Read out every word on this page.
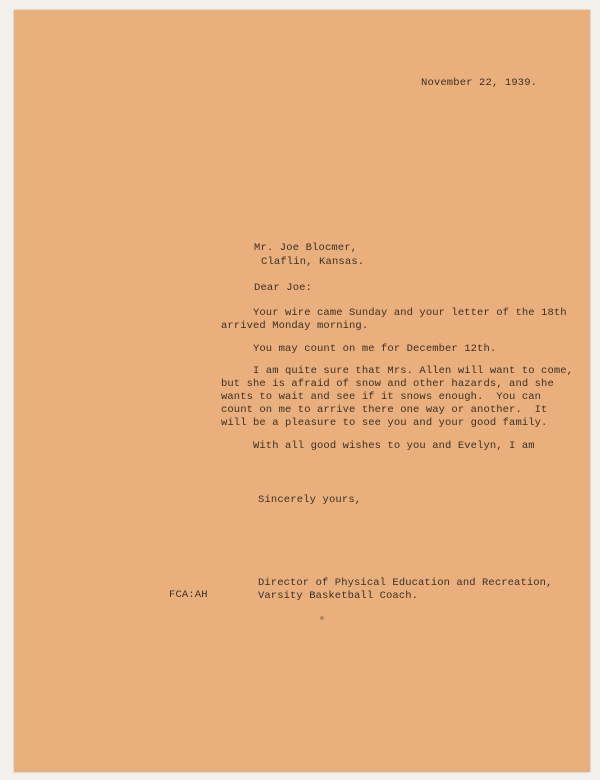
November 22, 1939.
Mr. Joe Blocmer,
Claflin, Kansas.
Dear Joe:
Your wire came Sunday and your letter of the 18th
arrived Monday morning.
You may count on me for December 12th.
I am quite sure that Mrs. Allen will want to come,
but she is afraid of snow and other hazards, and she
wants to wait and see if it snows enough.  You can
count on me to arrive there one way or another.  It
will be a pleasure to see you and your good family.
With all good wishes to you and Evelyn, I am
Sincerely yours,
Director of Physical Education and Recreation,
Varsity Basketball Coach.
FCA:AH
